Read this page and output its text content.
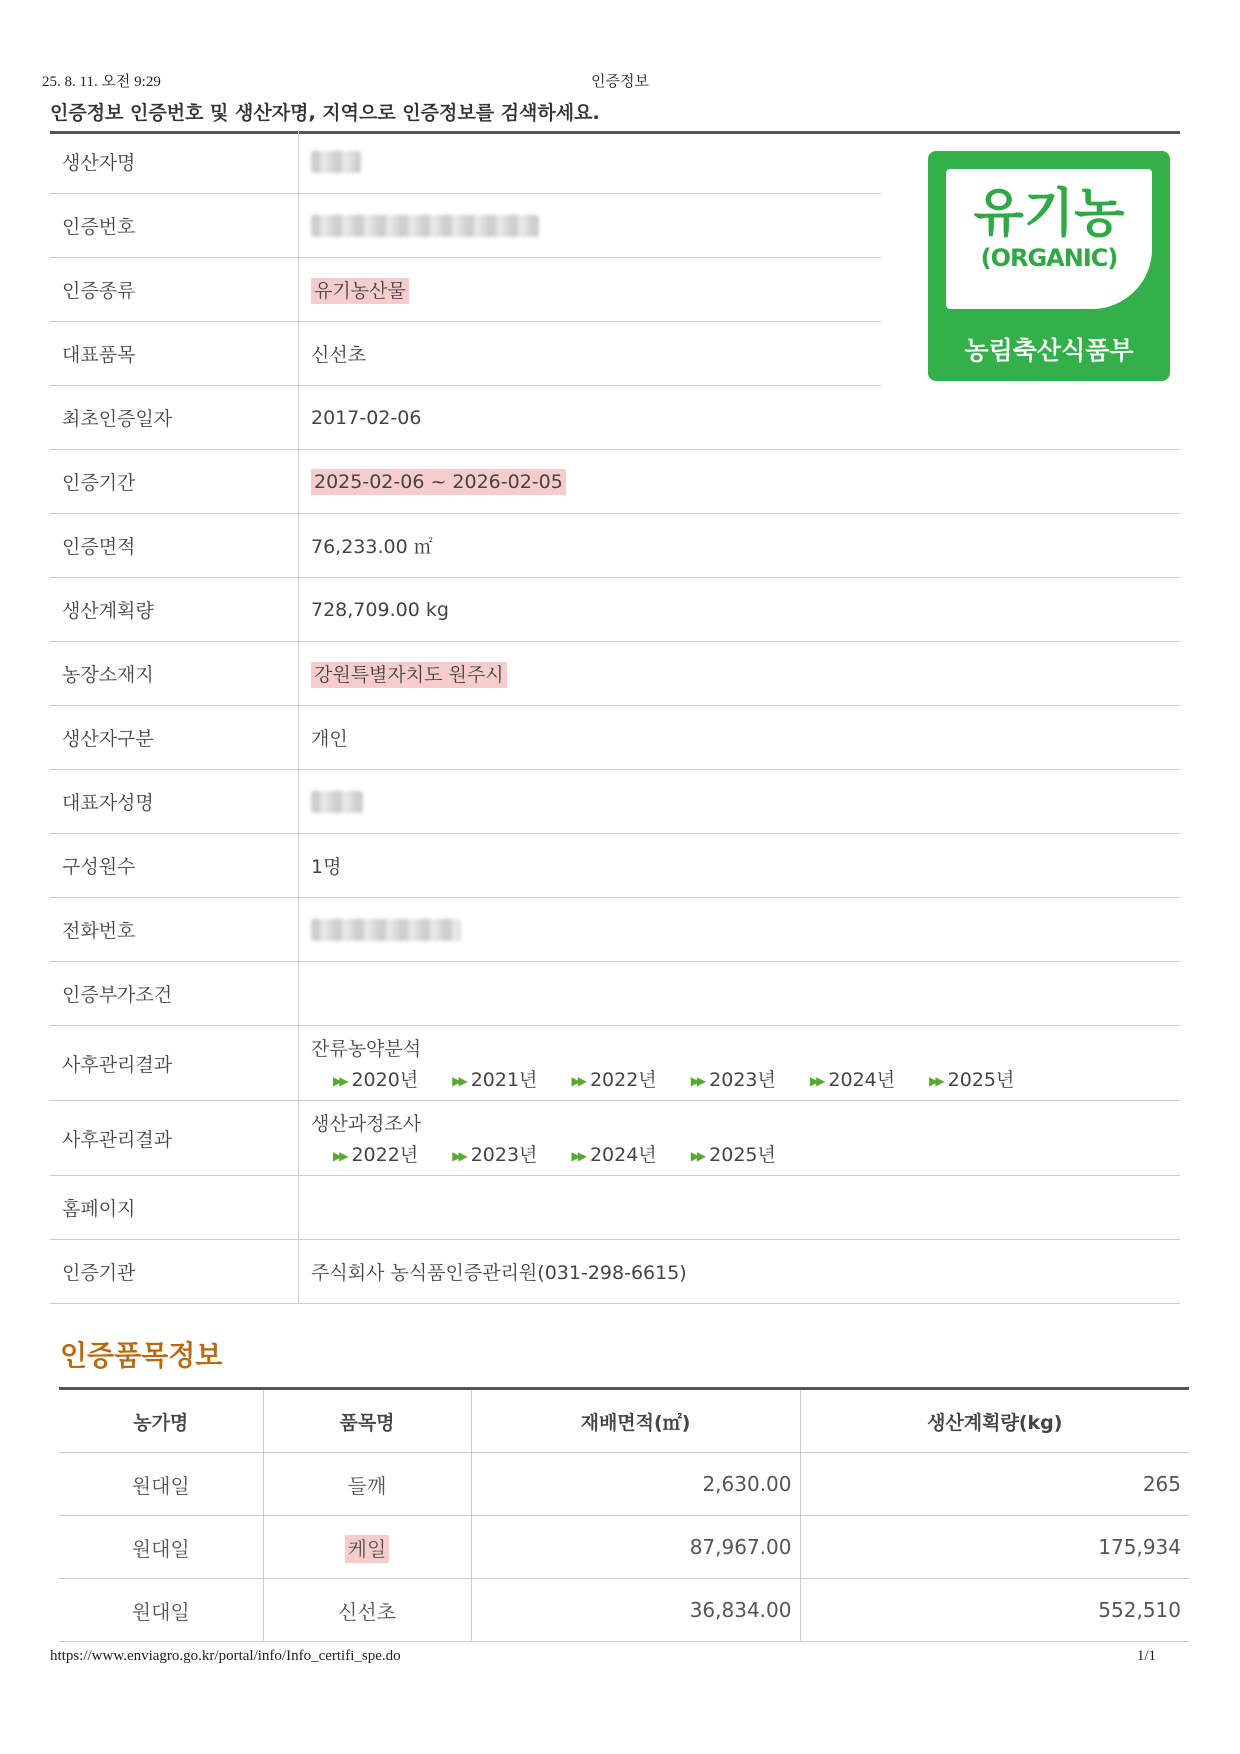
25. 8. 11. 오전 9:29	인증정보
인증정보 인증번호 및 생산자명, 지역으로 인증정보를 검색하세요.
생산자명		
인증번호		
인증종류	유기농산물	
대표품목	신선초	
최초인증일자	2017-02-06	
인증기간	2025-02-06 ~ 2026-02-05	
인증면적	76,233.00 ㎡	
생산계획량	728,709.00 kg	
농장소재지	강원특별자치도 원주시	
생산자구분	개인	
대표자성명		
구성원수	1명	
전화번호		
인증부가조건		
사후관리결과	잔류농약분석
▶▶ 2020년 ▶▶ 2021년 ▶▶ 2022년 ▶▶ 2023년 ▶▶ 2024년 ▶▶ 2025년	

사후관리결과	생산과정조사
▶▶ 2022년 ▶▶ 2023년 ▶▶ 2024년 ▶▶ 2025년	

홈페이지		
인증기관	주식회사 농식품인증관리원(031-298-6615)	
유기농
(ORGANIC)
농림축산식품부
인증품목정보
농가명	품목명	재배면적(㎡)	생산계획량(kg)
원대일	들깨	2,630.00	265
원대일	케일	87,967.00	175,934
원대일	신선초	36,834.00	552,510
https://www.enviagro.go.kr/portal/info/Info_certifi_spe.do	1/1
